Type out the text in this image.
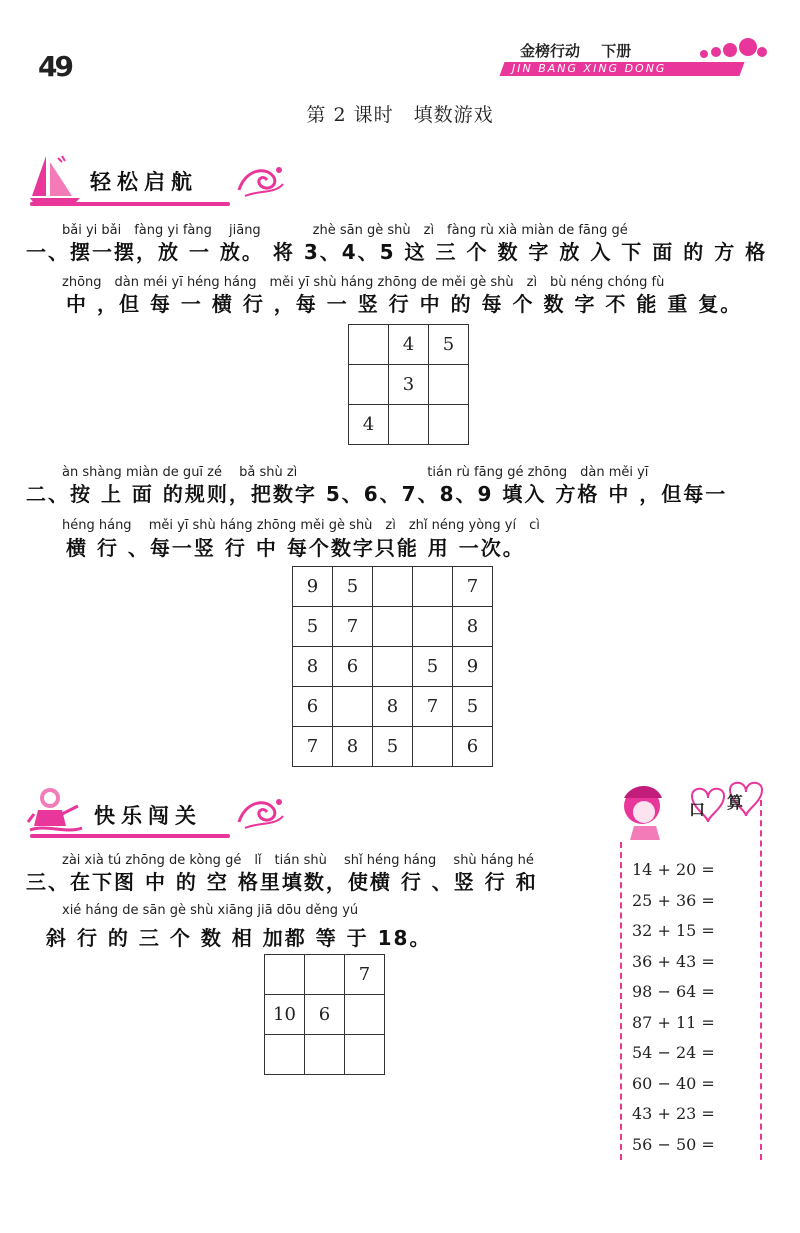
49	金榜行动 下册
JIN BANG XING DONG
第 2 课时　填数游戏
轻松启航
bǎi yi bǎi　fàng yi fàng　 jiāng　　　　zhè sān gè shù　zì　fàng rù xià miàn de fāng gé
一、摆一摆，放 一 放。 将 3、4、5 这 三 个 数 字 放 入 下 面 的 方 格
zhōng　dàn méi yī héng háng　měi yī shù háng zhōng de měi gè shù　zì　bù néng chóng fù
中 ，但 每 一 横 行 ，每 一 竖 行 中 的 每 个 数 字 不 能 重 复。
	4	5
	3	
4		
àn shàng miàn de guī zé　 bǎ shù zì　　　　　　　　　　tián rù fāng gé zhōng　dàn měi yī
二、按 上 面 的规则，把数字 5、6、7、8、9 填入 方格 中 ，但每一
héng háng　 měi yī shù háng zhōng měi gè shù　zì　zhǐ néng yòng yí　cì
横 行 、每一竖 行 中 每个数字只能 用 一次。
9	5			7
5	7			8
8	6		5	9
6		8	7	5
7	8	5		6
快乐闯关
zài xià tú zhōng de kòng gé　lǐ　tián shù　 shǐ héng háng　 shù háng hé
三、在下图 中 的 空 格里填数，使横 行 、竖 行 和
xié háng de sān gè shù xiāng jiā dōu děng yú
斜 行 的 三 个 数 相 加都 等 于 18。
		7
10	6	

口 算
14 + 20 =
25 + 36 =
32 + 15 =
36 + 43 =
98 − 64 =
87 + 11 =
54 − 24 =
60 − 40 =
43 + 23 =
56 − 50 =
